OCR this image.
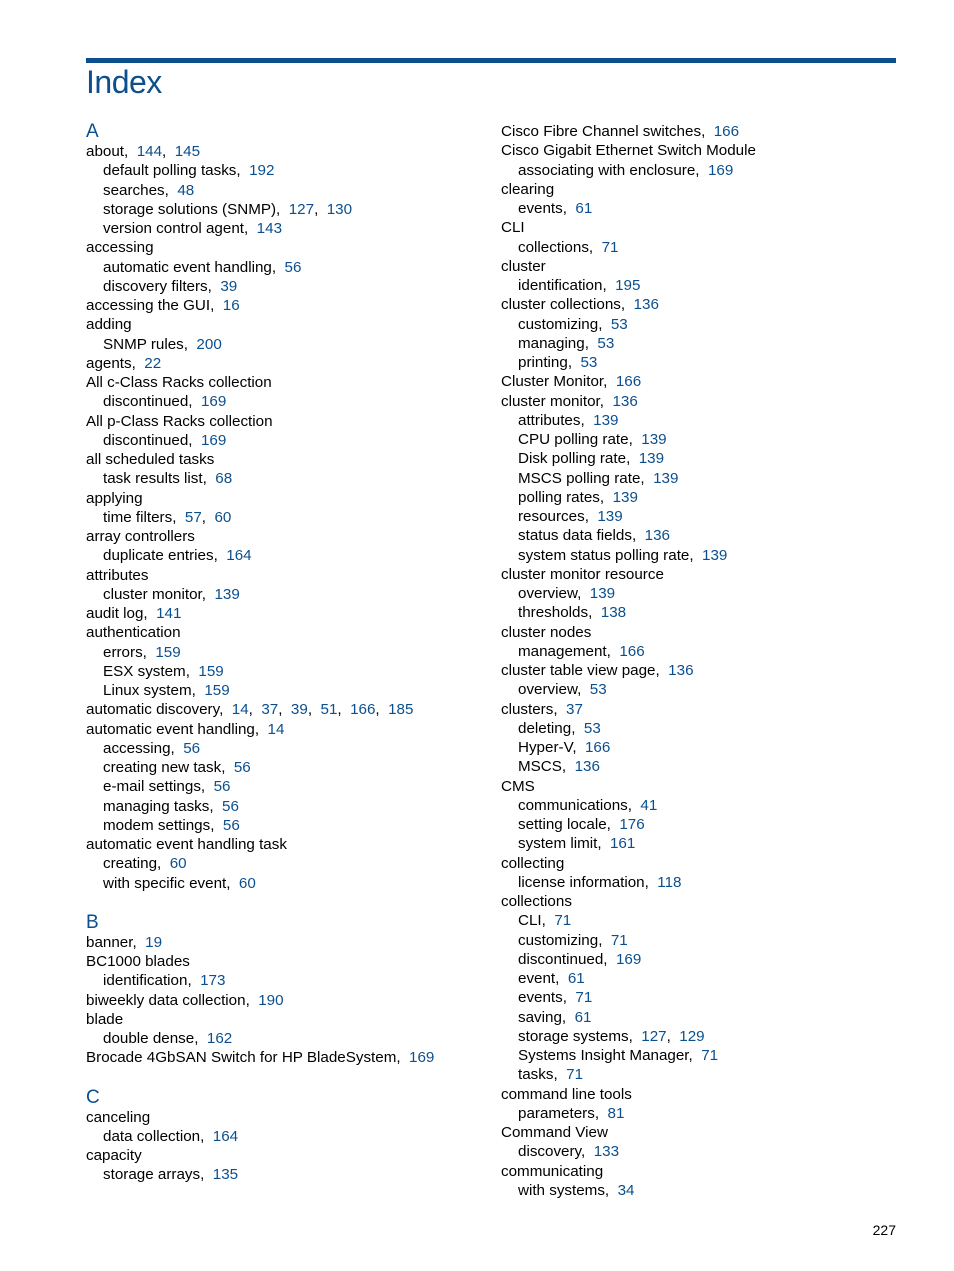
Index
A
about,  144,  145
default polling tasks,  192
searches,  48
storage solutions (SNMP),  127,  130
version control agent,  143
accessing
automatic event handling,  56
discovery filters,  39
accessing the GUI,  16
adding
SNMP rules,  200
agents,  22
All c-Class Racks collection
discontinued,  169
All p-Class Racks collection
discontinued,  169
all scheduled tasks
task results list,  68
applying
time filters,  57,  60
array controllers
duplicate entries,  164
attributes
cluster monitor,  139
audit log,  141
authentication
errors,  159
ESX system,  159
Linux system,  159
automatic discovery,  14,  37,  39,  51,  166,  185
automatic event handling,  14
accessing,  56
creating new task,  56
e-mail settings,  56
managing tasks,  56
modem settings,  56
automatic event handling task
creating,  60
with specific event,  60
B
banner,  19
BC1000 blades
identification,  173
biweekly data collection,  190
blade
double dense,  162
Brocade 4GbSAN Switch for HP BladeSystem,  169
C
canceling
data collection,  164
capacity
storage arrays,  135
Cisco Fibre Channel switches,  166
Cisco Gigabit Ethernet Switch Module
associating with enclosure,  169
clearing
events,  61
CLI
collections,  71
cluster
identification,  195
cluster collections,  136
customizing,  53
managing,  53
printing,  53
Cluster Monitor,  166
cluster monitor,  136
attributes,  139
CPU polling rate,  139
Disk polling rate,  139
MSCS polling rate,  139
polling rates,  139
resources,  139
status data fields,  136
system status polling rate,  139
cluster monitor resource
overview,  139
thresholds,  138
cluster nodes
management,  166
cluster table view page,  136
overview,  53
clusters,  37
deleting,  53
Hyper-V,  166
MSCS,  136
CMS
communications,  41
setting locale,  176
system limit,  161
collecting
license information,  118
collections
CLI,  71
customizing,  71
discontinued,  169
event,  61
events,  71
saving,  61
storage systems,  127,  129
Systems Insight Manager,  71
tasks,  71
command line tools
parameters,  81
Command View
discovery,  133
communicating
with systems,  34
227
